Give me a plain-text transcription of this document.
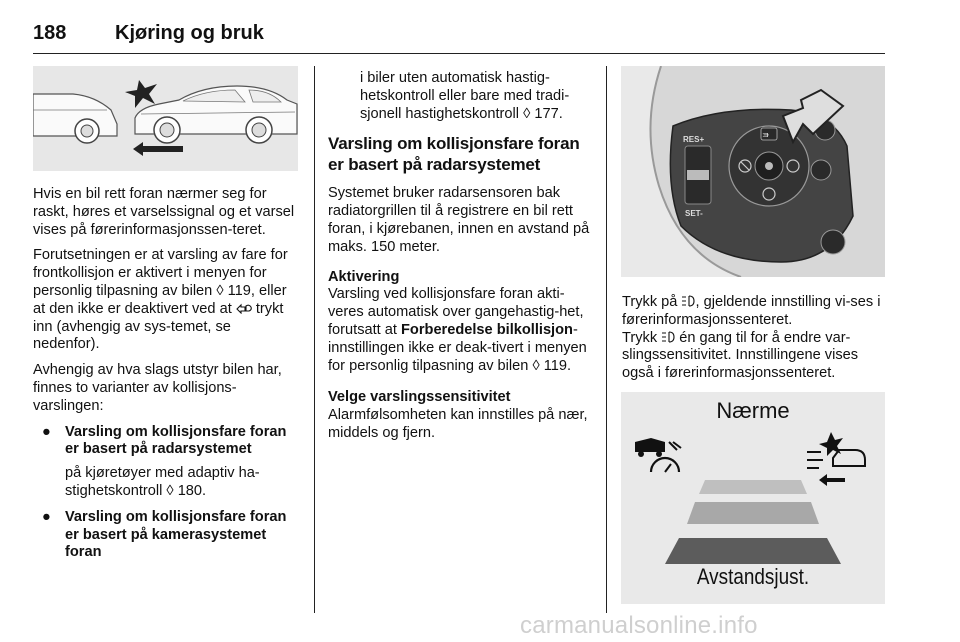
188 Kjøring og bruk

Hvis en bil rett foran nærmer seg for raskt, høres et varselssignal og et varsel vises på førerinformasjonssen-teret.

Forutsetningen er at varsling av fare for frontkollisjon er aktivert i menyen for personlig tilpasning av bilen ◊ 119, eller at den ikke er deaktivert ved at trykt inn (avhengig av sys-temet, se nedenfor).

Avhengig av hva slags utstyr bilen har, finnes to varianter av kollisjons-varslingen:

● Varsling om kollisjonsfare foran er basert på radarsystemet
på kjøretøyer med adaptiv ha-stighetskontroll ◊ 180.
● Varsling om kollisjonsfare foran er basert på kamerasystemet foran
i biler uten automatisk hastig-hetskontroll eller bare med tradi-sjonell hastighetskontroll ◊ 177.
Varsling om kollisjonsfare foran er basert på radarsystemet

Systemet bruker radarsensoren bak radiatorgrillen til å registrere en bil rett foran, i kjørebanen, innen en avstand på maks. 150 meter.

Aktivering

Varsling ved kollisjonsfare foran akti-veres automatisk over gangehastig-het, forutsatt at Forberedelse bilkollisjon-innstillingen ikke er deak-tivert i menyen for personlig tilpasning av bilen ◊ 119.

Velge varslingssensitivitet

Alarmfølsomheten kan innstilles på nær, middels og fjern.

RES+
SET-
⊐̶

Trykk på , gjeldende innstilling vi-ses i førerinformasjonssenteret.

Trykk én gang til for å endre var-slingssensitivitet. Innstillingene vises også i førerinformasjonssenteret.

Nærme
Avstandsjust.
carmanualsonline.info
